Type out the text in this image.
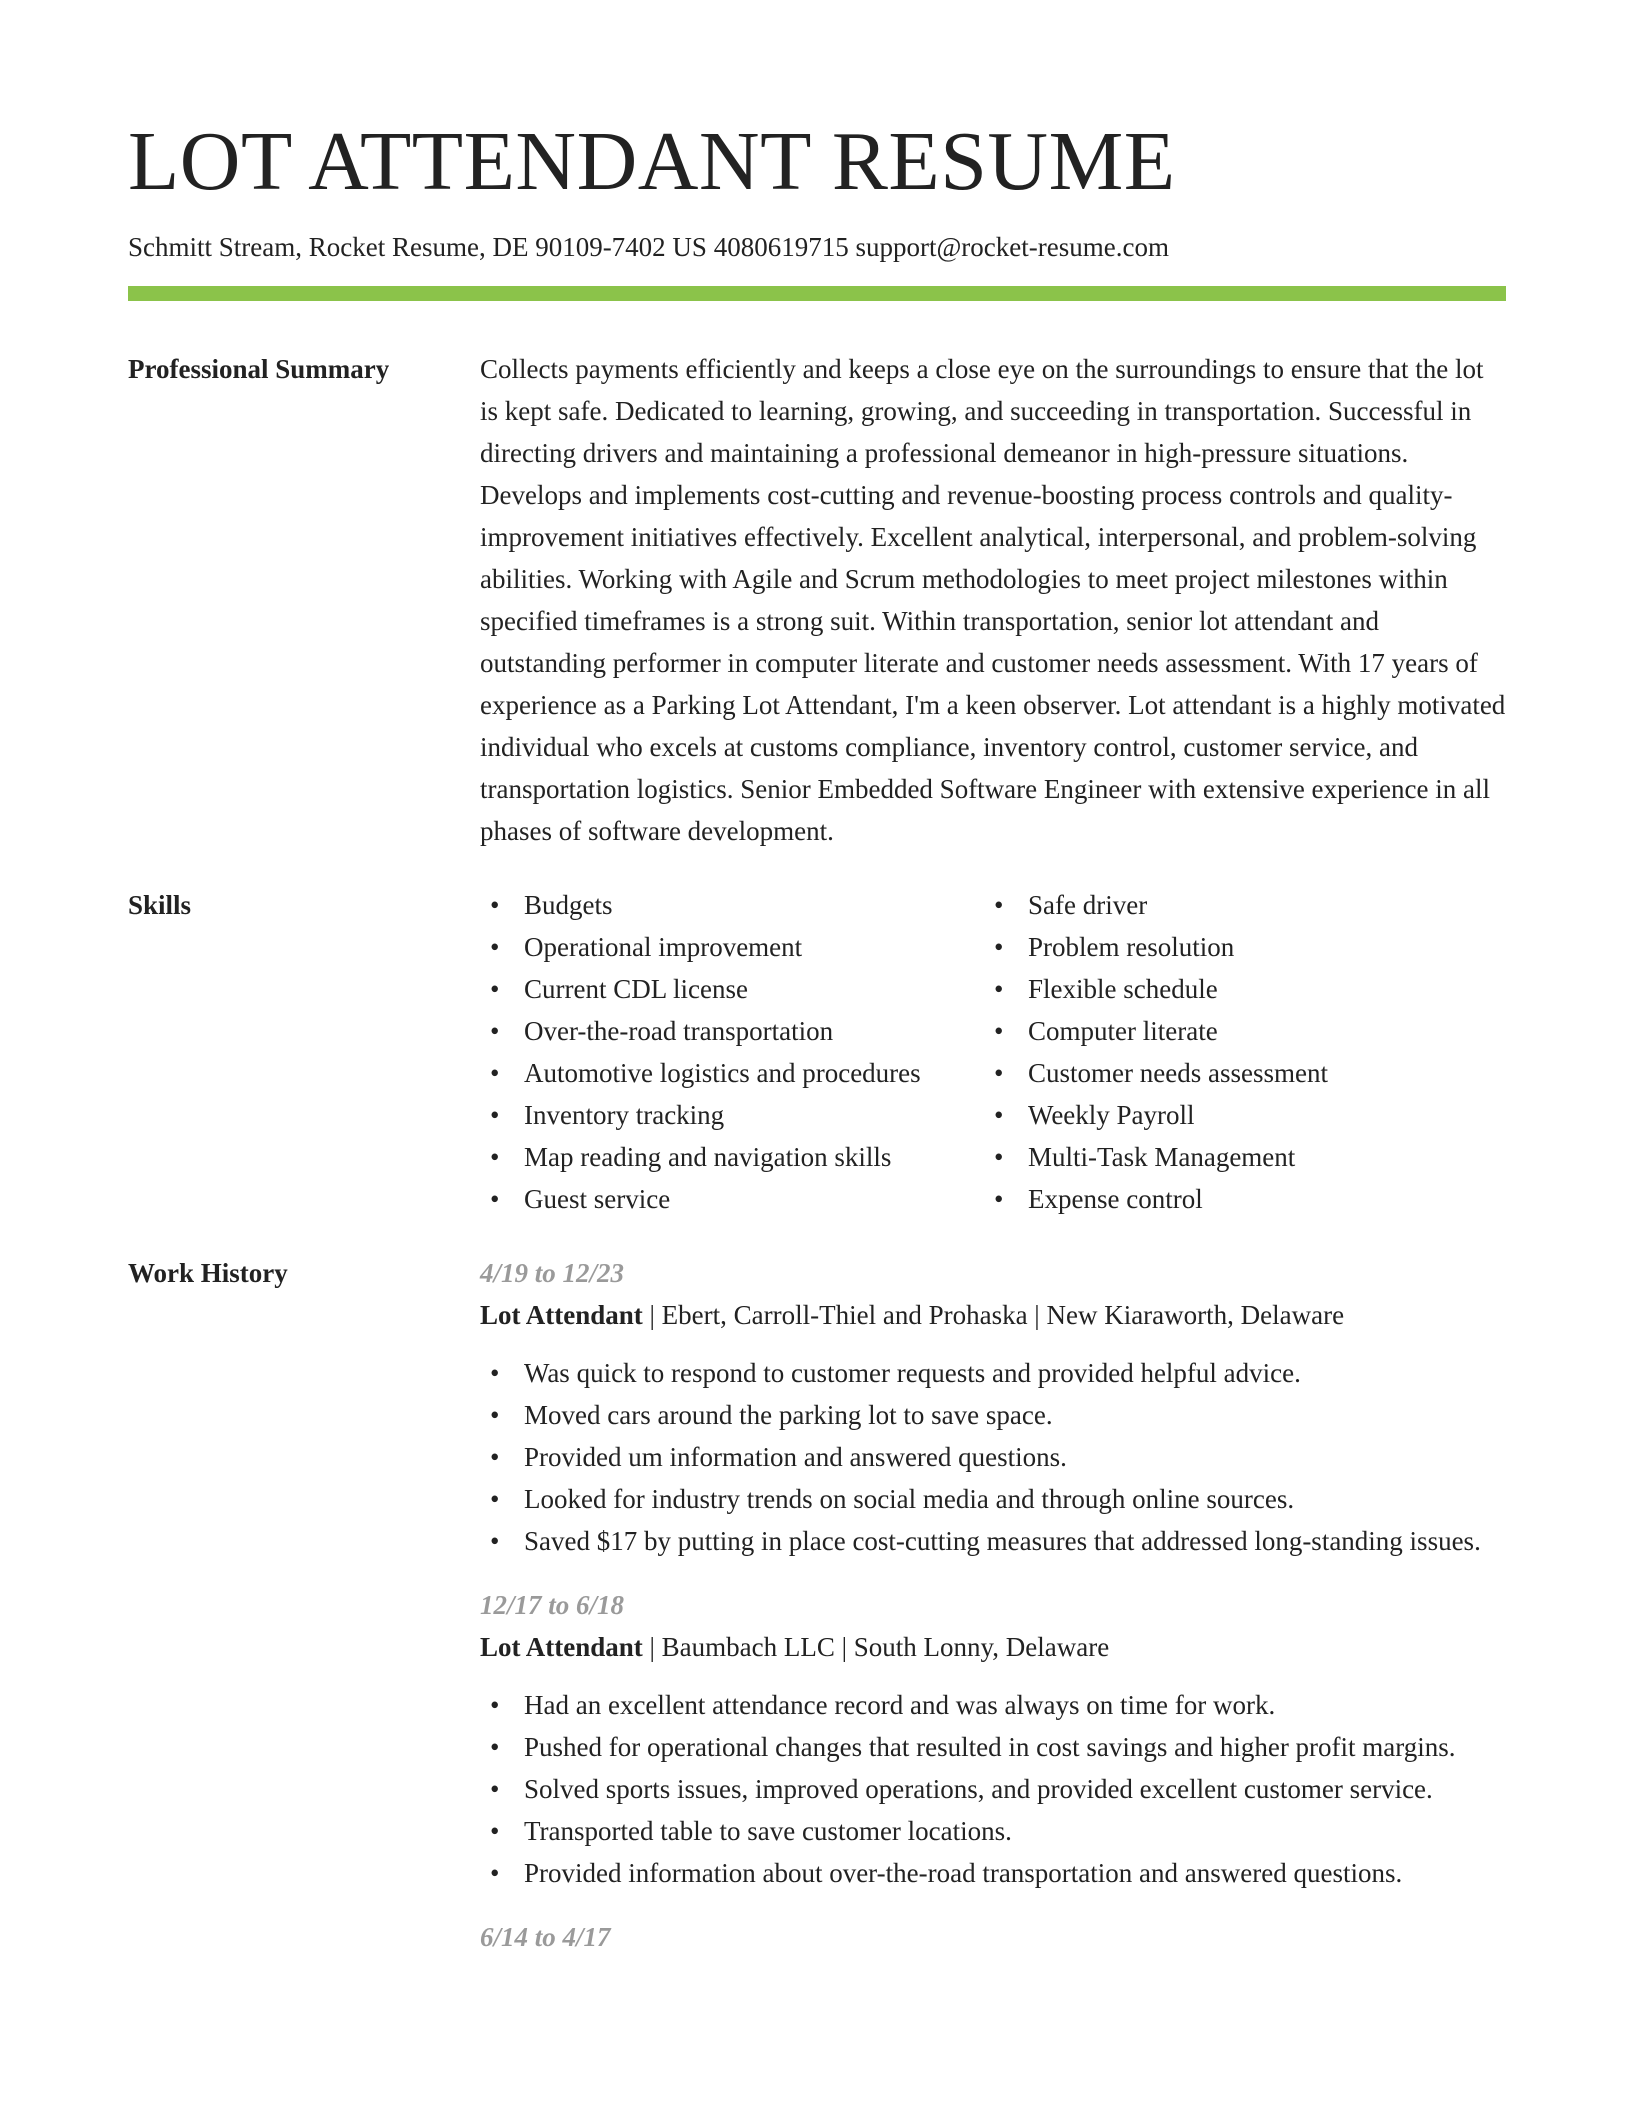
LOT ATTENDANT RESUME
Schmitt Stream, Rocket Resume, DE 90109-7402 US 4080619715 support@rocket-resume.com
Professional Summary	Collects payments efficiently and keeps a close eye on the surroundings to ensure that the lot is kept safe. Dedicated to learning, growing, and succeeding in transportation. Successful in directing drivers and maintaining a professional demeanor in high-pressure situations. Develops and implements cost-cutting and revenue-boosting process controls and quality-improvement initiatives effectively. Excellent analytical, interpersonal, and problem-solving abilities. Working with Agile and Scrum methodologies to meet project milestones within specified timeframes is a strong suit. Within transportation, senior lot attendant and outstanding performer in computer literate and customer needs assessment. With 17 years of experience as a Parking Lot Attendant, I'm a keen observer. Lot attendant is a highly motivated individual who excels at customs compliance, inventory control, customer service, and transportation logistics. Senior Embedded Software Engineer with extensive experience in all phases of software development.
Skills
•	Budgets
• Operational improvement
• Current CDL license
• Over-the-road transportation
• Automotive logistics and procedures
• Inventory tracking
• Map reading and navigation skills
• Guest service
• Safe driver
• Problem resolution
• Flexible schedule
• Computer literate
• Customer needs assessment
• Weekly Payroll
• Multi-Task Management
• Expense control
Work History	4/19 to 12/23
Lot Attendant | Ebert, Carroll-Thiel and Prohaska | New Kiaraworth, Delaware
• Was quick to respond to customer requests and provided helpful advice.
• Moved cars around the parking lot to save space.
• Provided um information and answered questions.
• Looked for industry trends on social media and through online sources.
• Saved $17 by putting in place cost-cutting measures that addressed long-standing issues.
12/17 to 6/18
Lot Attendant | Baumbach LLC | South Lonny, Delaware
• Had an excellent attendance record and was always on time for work.
• Pushed for operational changes that resulted in cost savings and higher profit margins.
• Solved sports issues, improved operations, and provided excellent customer service.
• Transported table to save customer locations.
• Provided information about over-the-road transportation and answered questions.
6/14 to 4/17
